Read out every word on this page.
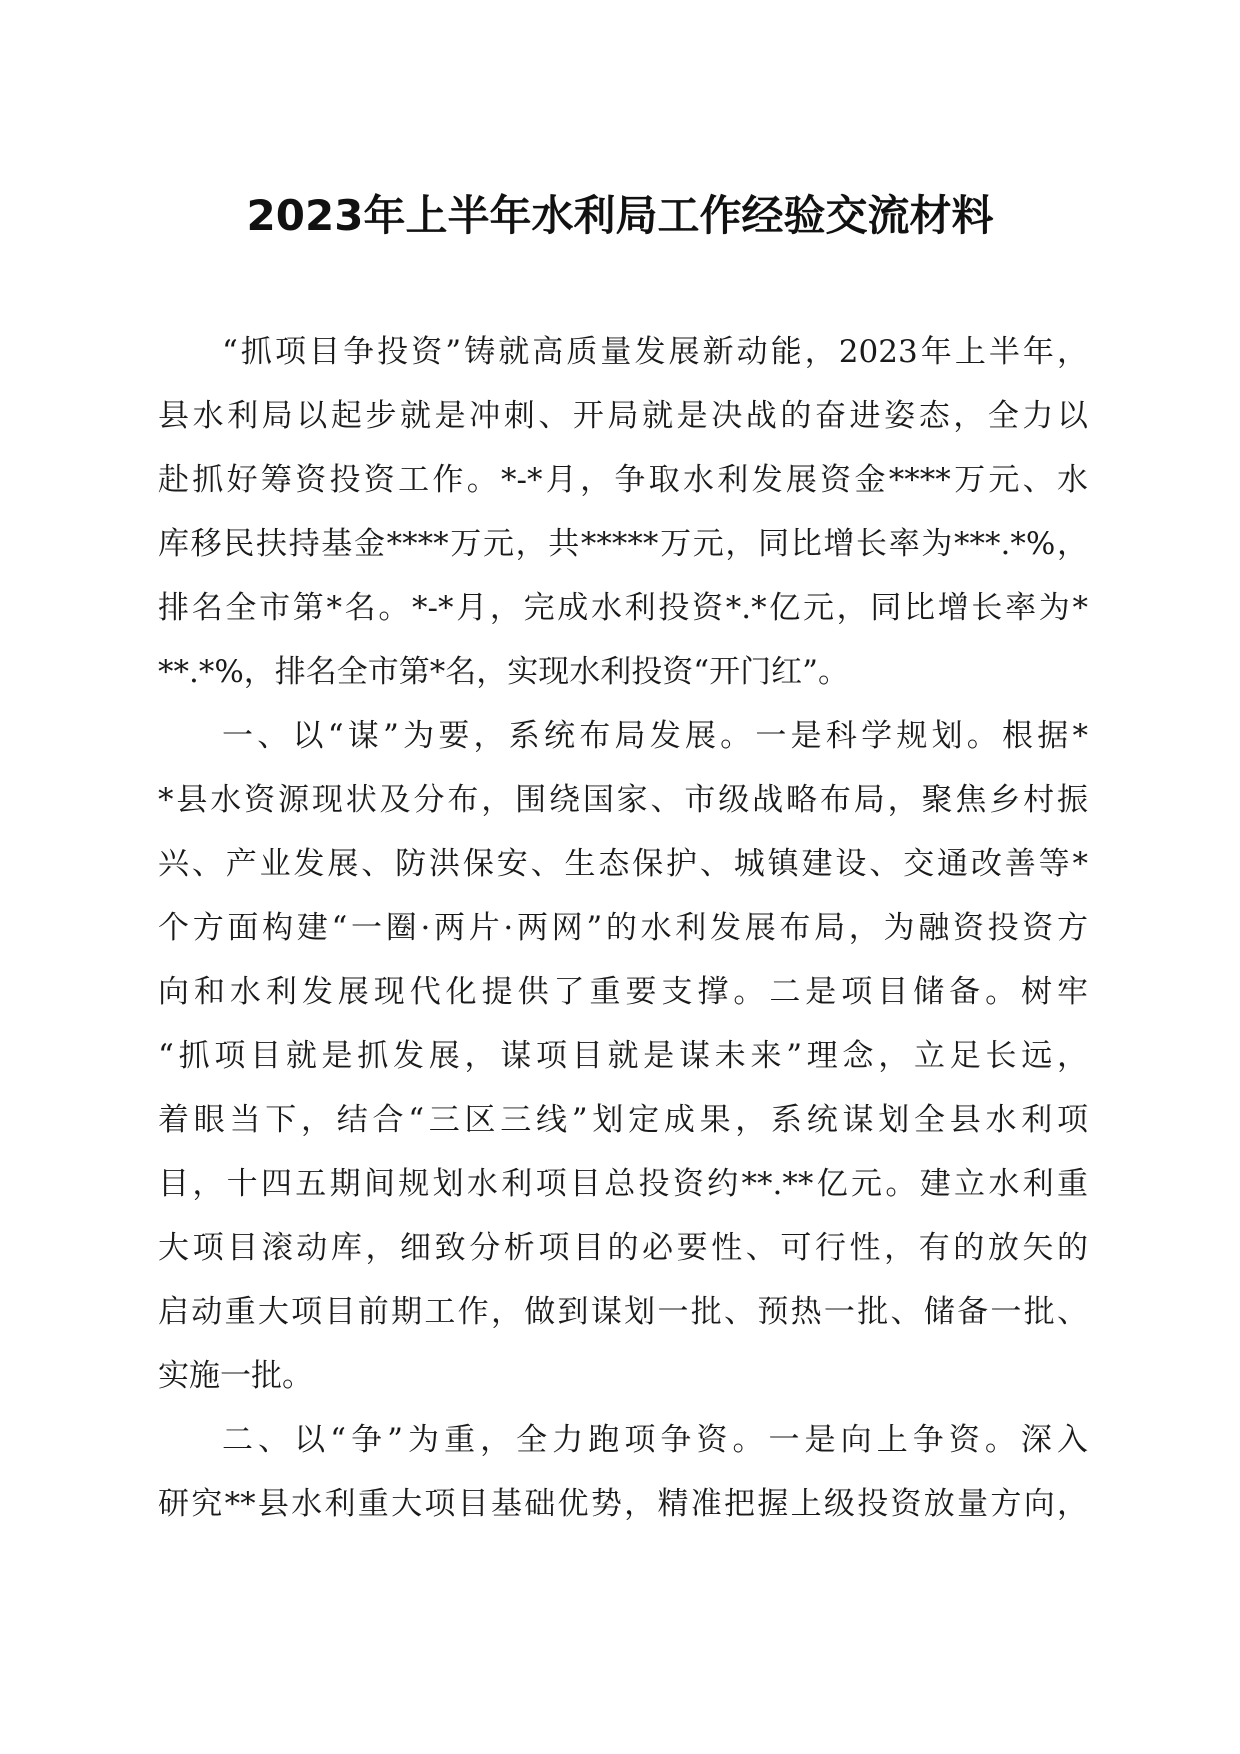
2023年上半年水利局工作经验交流材料
“抓项目争投资”铸就高质量发展新动能，2023年上半年，
县水利局以起步就是冲刺、开局就是决战的奋进姿态，全力以
赴抓好筹资投资工作。*-*月，争取水利发展资金****万元、水
库移民扶持基金****万元，共*****万元，同比增长率为***.*%，
排名全市第*名。*-*月，完成水利投资*.*亿元，同比增长率为*
**.*%，排名全市第*名，实现水利投资“开门红”。
一、以“谋”为要，系统布局发展。一是科学规划。根据*
*县水资源现状及分布，围绕国家、市级战略布局，聚焦乡村振
兴、产业发展、防洪保安、生态保护、城镇建设、交通改善等*
个方面构建“一圈·两片·两网”的水利发展布局，为融资投资方
向和水利发展现代化提供了重要支撑。二是项目储备。树牢
“抓项目就是抓发展，谋项目就是谋未来”理念，立足长远，
着眼当下，结合“三区三线”划定成果，系统谋划全县水利项
目，十四五期间规划水利项目总投资约**.**亿元。建立水利重
大项目滚动库，细致分析项目的必要性、可行性，有的放矢的
启动重大项目前期工作，做到谋划一批、预热一批、储备一批、
实施一批。
二、以“争”为重，全力跑项争资。一是向上争资。深入
研究**县水利重大项目基础优势，精准把握上级投资放量方向，
